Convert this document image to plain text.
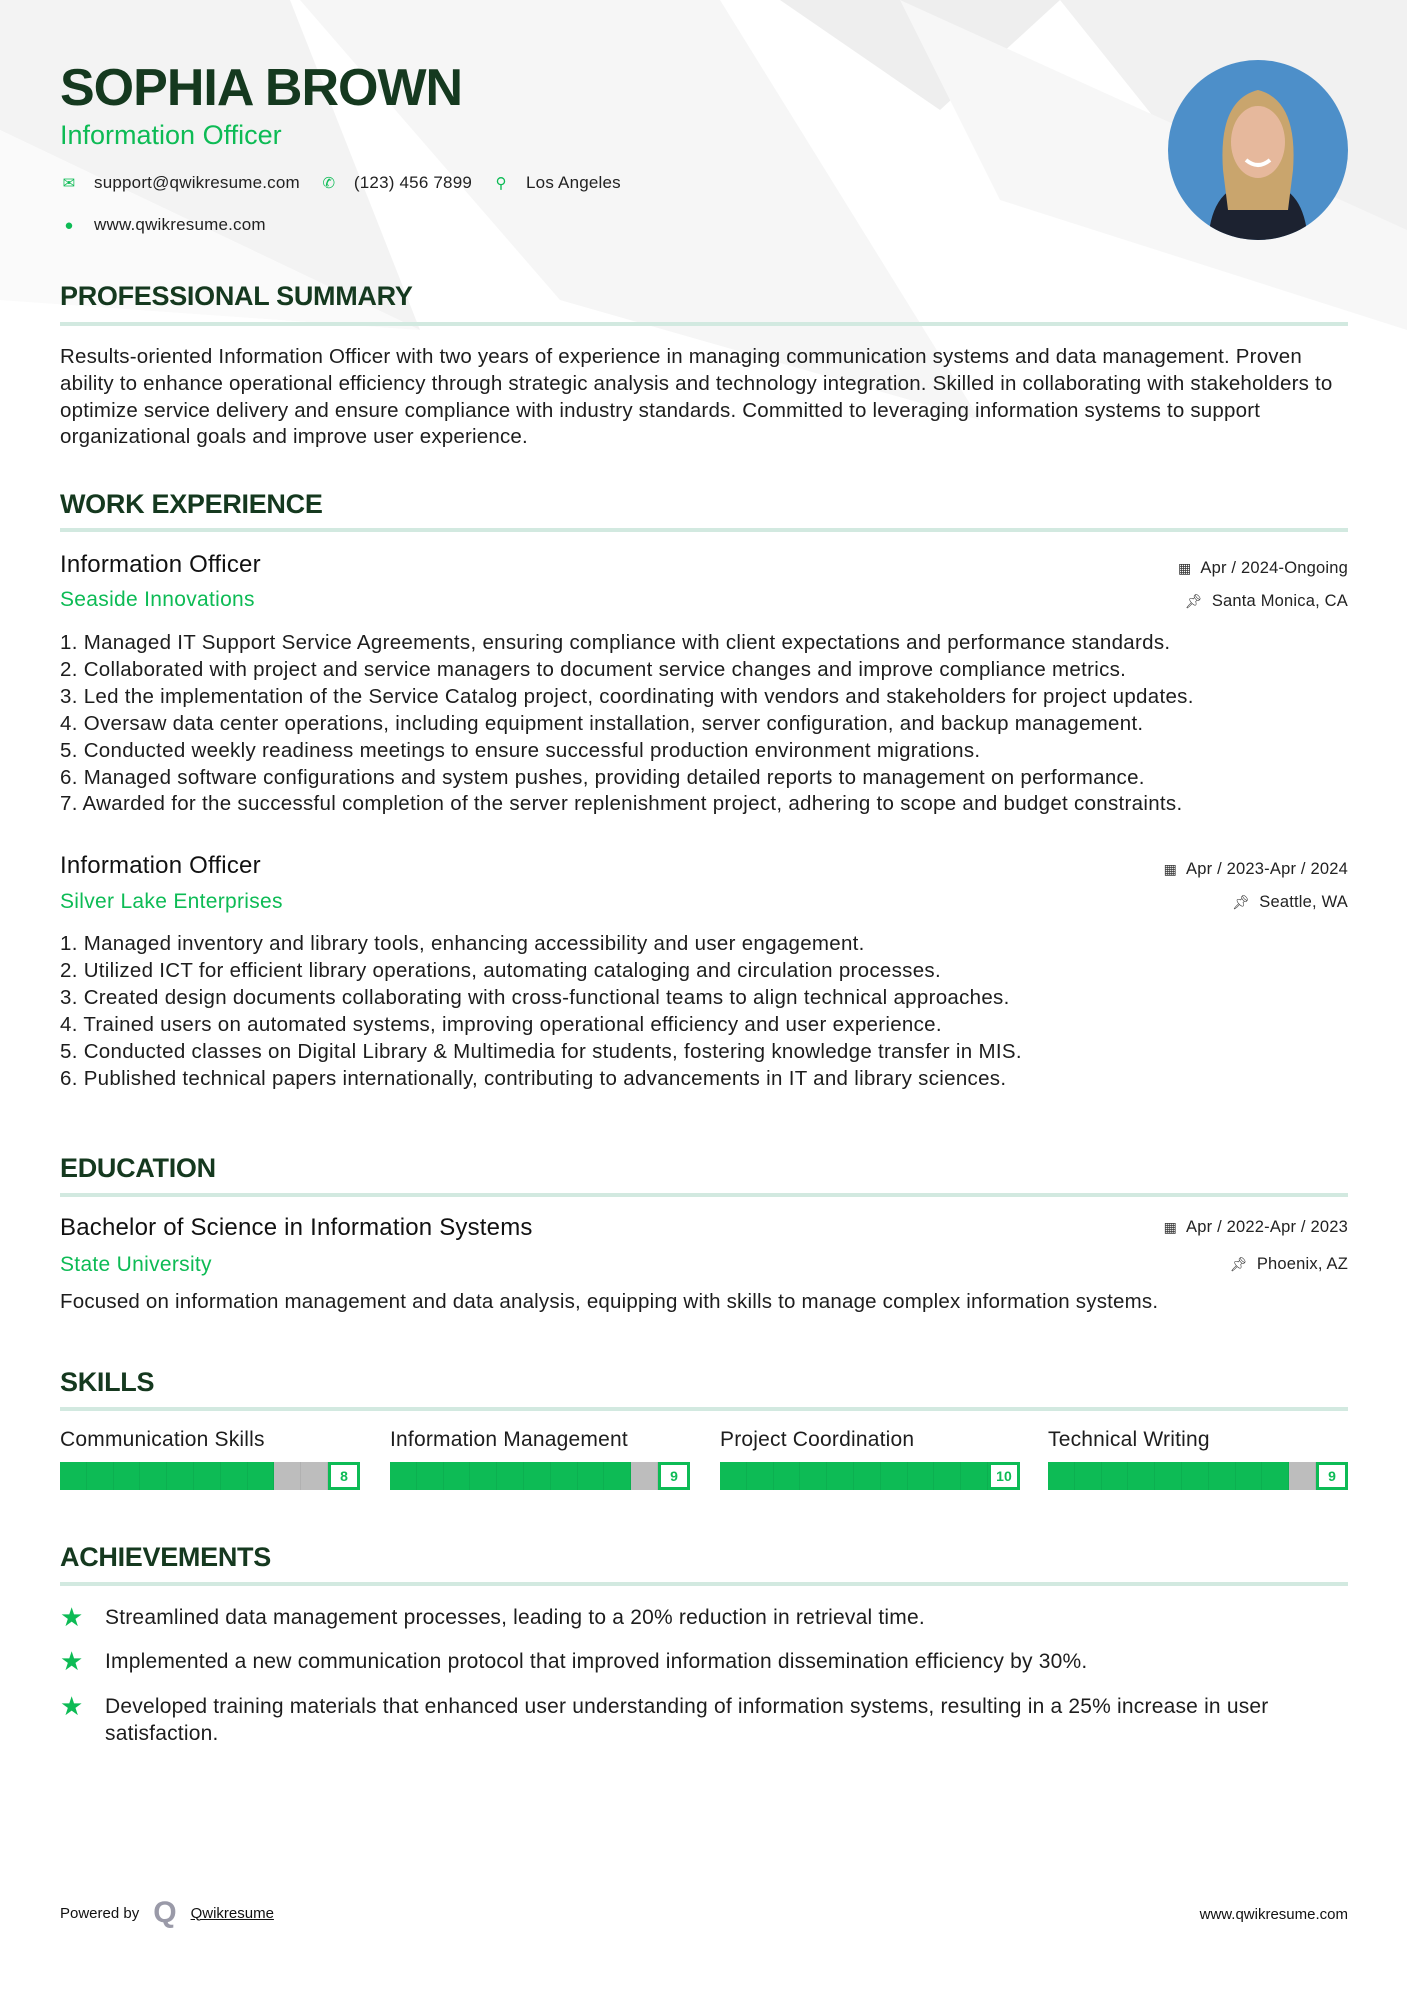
SOPHIA BROWN
Information Officer
✉ support@qwikresume.com ✆ (123) 456 7899 ⚲ Los Angeles
● www.qwikresume.com
PROFESSIONAL SUMMARY
Results-oriented Information Officer with two years of experience in managing communication systems and data management. Proven ability to enhance operational efficiency through strategic analysis and technology integration. Skilled in collaborating with stakeholders to optimize service delivery and ensure compliance with industry standards. Committed to leveraging information systems to support organizational goals and improve user experience.
WORK EXPERIENCE
Information Officer
Seaside Innovations
▦ Apr / 2024-Ongoing
📌︎ Santa Monica, CA
1. Managed IT Support Service Agreements, ensuring compliance with client expectations and performance standards.
2. Collaborated with project and service managers to document service changes and improve compliance metrics.
3. Led the implementation of the Service Catalog project, coordinating with vendors and stakeholders for project updates.
4. Oversaw data center operations, including equipment installation, server configuration, and backup management.
5. Conducted weekly readiness meetings to ensure successful production environment migrations.
6. Managed software configurations and system pushes, providing detailed reports to management on performance.
7. Awarded for the successful completion of the server replenishment project, adhering to scope and budget constraints.
Information Officer
Silver Lake Enterprises
▦ Apr / 2023-Apr / 2024
📌︎ Seattle, WA
1. Managed inventory and library tools, enhancing accessibility and user engagement.
2. Utilized ICT for efficient library operations, automating cataloging and circulation processes.
3. Created design documents collaborating with cross-functional teams to align technical approaches.
4. Trained users on automated systems, improving operational efficiency and user experience.
5. Conducted classes on Digital Library & Multimedia for students, fostering knowledge transfer in MIS.
6. Published technical papers internationally, contributing to advancements in IT and library sciences.
EDUCATION
Bachelor of Science in Information Systems
State University
▦ Apr / 2022-Apr / 2023
📌︎ Phoenix, AZ
Focused on information management and data analysis, equipping with skills to manage complex information systems.
SKILLS
Communication Skills
8
Information Management
9
Project Coordination
10
Technical Writing
9
ACHIEVEMENTS
★	Streamlined data management processes, leading to a 20% reduction in retrieval time.
★	Implemented a new communication protocol that improved information dissemination efficiency by 30%.
★	Developed training materials that enhanced user understanding of information systems, resulting in a 25% increase in user satisfaction.
Powered by Q Qwikresume	www.qwikresume.com
